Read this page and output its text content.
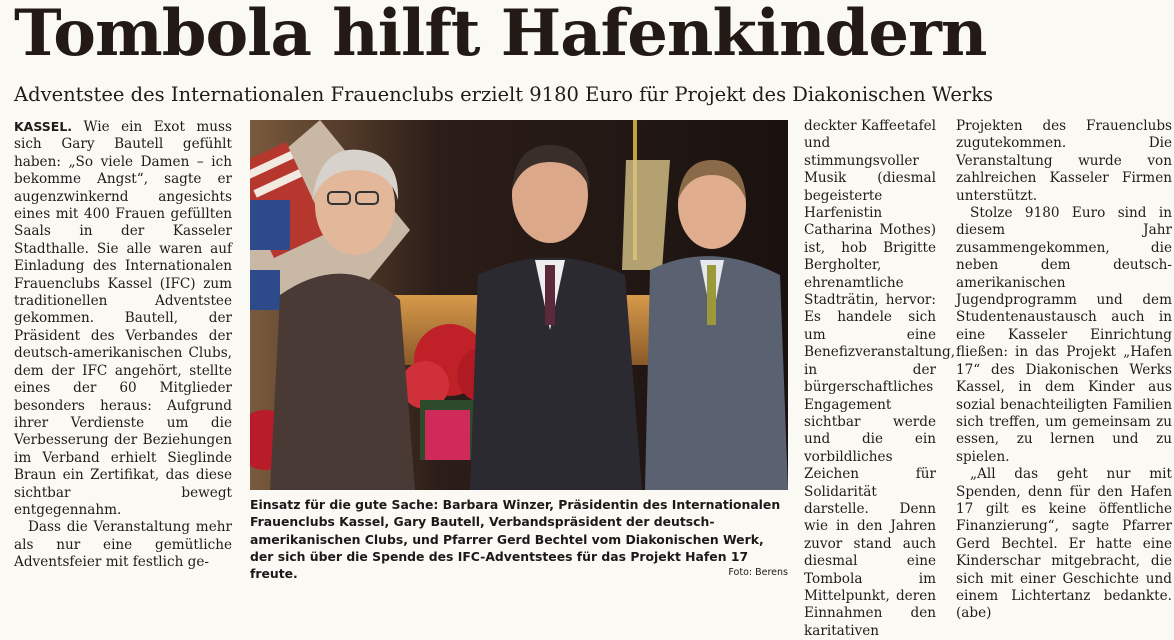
Tombola hilft Hafenkindern
Adventstee des Internationalen Frauenclubs erzielt 9180 Euro für Projekt des Diakonischen Werks

KASSEL. Wie ein Exot muss sich Gary Bautell gefühlt haben: „So viele Damen – ich bekomme Angst“, sagte er augenzwinkernd angesichts eines mit 400 Frauen gefüllten Saals in der Kasseler Stadthalle. Sie alle waren auf Einladung des Internationalen Frauenclubs Kassel (IFC) zum traditionellen Adventstee gekommen. Bautell, der Präsident des Verbandes der deutsch-amerikanischen Clubs, dem der IFC angehört, stellte eines der 60 Mitglieder besonders heraus: Aufgrund ihrer Verdienste um die Verbesserung der Beziehungen im Verband erhielt Sieglinde Braun ein Zertifikat, das diese sichtbar bewegt entgegennahm.

Dass die Veranstaltung mehr als nur eine gemütliche Adventsfeier mit festlich ge-

Einsatz für die gute Sache: Barbara Winzer, Präsidentin des Internationalen Frauenclubs Kassel, Gary Bautell, Verbandspräsident der deutsch-amerikanischen Clubs, und Pfarrer Gerd Bechtel vom Diakonischen Werk, der sich über die Spende des IFC-Adventstees für das Projekt Hafen 17 freute.	Foto: Berens

deckter Kaffeetafel und stimmungsvoller Musik (diesmal begeisterte Harfenistin Catharina Mothes) ist, hob Brigitte Bergholter, ehrenamtliche Stadträtin, hervor: Es handele sich um eine Benefizveranstaltung, in der bürgerschaftliches Engagement sichtbar werde und die ein vorbildliches Zeichen für Solidarität darstelle. Denn wie in den Jahren zuvor stand auch diesmal eine Tombola im Mittelpunkt, deren Einnahmen den karitativen

Projekten des Frauenclubs zugutekommen. Die Veranstaltung wurde von zahlreichen Kasseler Firmen unterstützt.

Stolze 9180 Euro sind in diesem Jahr zusammengekommen, die neben dem deutsch-amerikanischen Jugendprogramm und dem Studentenaustausch auch in eine Kasseler Einrichtung fließen: in das Projekt „Hafen 17“ des Diakonischen Werks Kassel, in dem Kinder aus sozial benachteiligten Familien sich treffen, um gemeinsam zu essen, zu lernen und zu spielen.

„All das geht nur mit Spenden, denn für den Hafen 17 gilt es keine öffentliche Finanzierung“, sagte Pfarrer Gerd Bechtel. Er hatte eine Kinderschar mitgebracht, die sich mit einer Geschichte und einem Lichtertanz bedankte. (abe)
